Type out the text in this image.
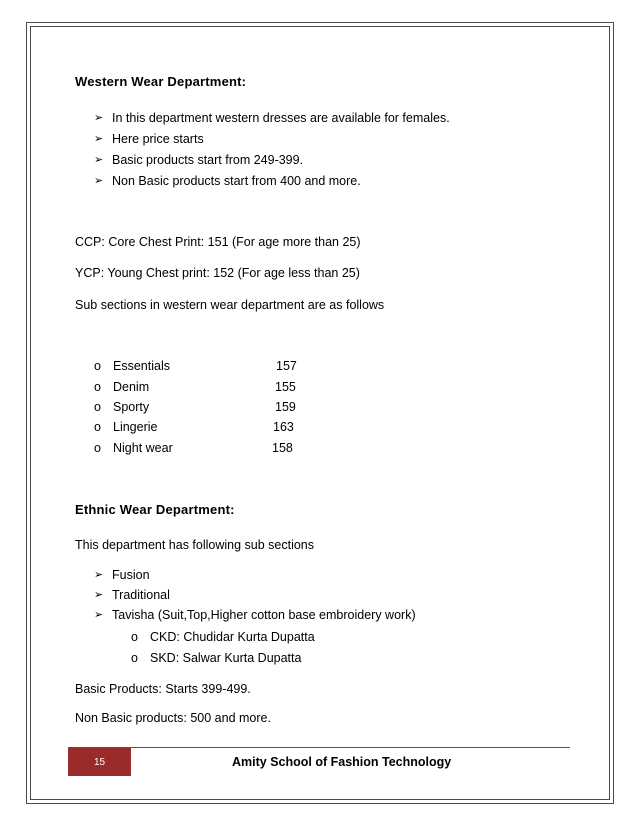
Western Wear Department:
➢ In this department western dresses are available for females.
➢ Here price starts
➢ Basic products start from 249-399.
➢ Non Basic products start from 400 and more.
CCP: Core Chest Print: 151 (For age more than 25)
YCP: Young Chest print: 152 (For age less than 25)
Sub sections in western wear department are as follows
o Essentials	157
o Denim	155
o Sporty	159
o Lingerie	163
o Night wear	158
Ethnic Wear Department:
This department has following sub sections
➢ Fusion
➢ Traditional
➢ Tavisha (Suit,Top,Higher cotton base embroidery work)
o CKD: Chudidar Kurta Dupatta
o SKD: Salwar Kurta Dupatta
Basic Products: Starts 399-499.
Non Basic products: 500 and more.
15	Amity School of Fashion Technology
